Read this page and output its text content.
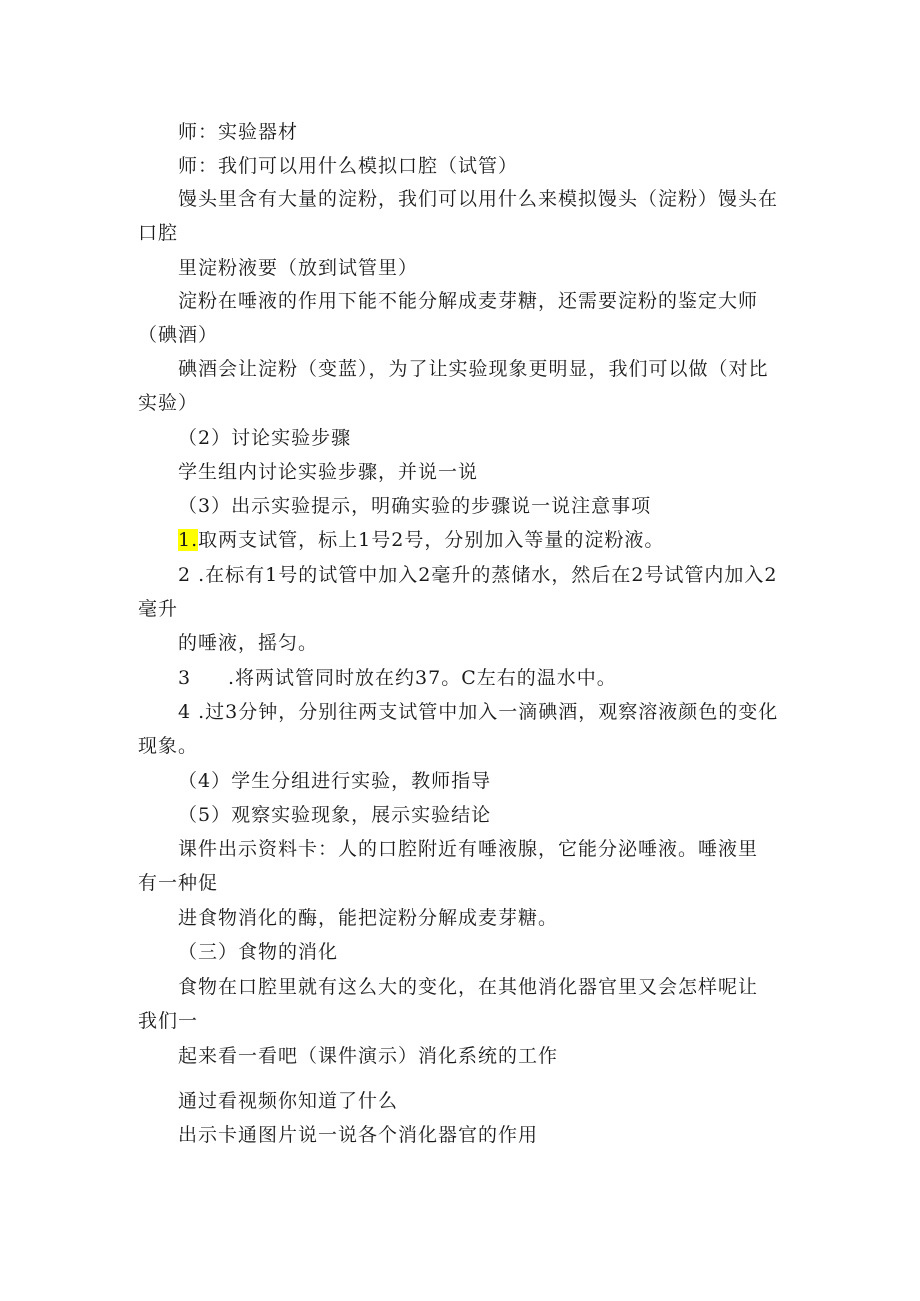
师：实验器材
师：我们可以用什么模拟口腔（试管）
馒头里含有大量的淀粉，我们可以用什么来模拟馒头（淀粉）馒头在
口腔
里淀粉液要（放到试管里）
淀粉在唾液的作用下能不能分解成麦芽糖，还需要淀粉的鉴定大师
（碘酒）
碘酒会让淀粉（变蓝），为了让实验现象更明显，我们可以做（对比
实验）
（2）讨论实验步骤
学生组内讨论实验步骤，并说一说
（3）出示实验提示，明确实验的步骤说一说注意事项
1.取两支试管，标上1号2号，分别加入等量的淀粉液。
2 .在标有1号的试管中加入2毫升的蒸储水，然后在2号试管内加入2
毫升
的唾液，摇匀。
3 .将两试管同时放在约37。C左右的温水中。
4 .过3分钟，分别往两支试管中加入一滴碘酒，观察溶液颜色的变化
现象。
（4）学生分组进行实验，教师指导
（5）观察实验现象，展示实验结论
课件出示资料卡：人的口腔附近有唾液腺，它能分泌唾液。唾液里
有一种促
进食物消化的酶，能把淀粉分解成麦芽糖。
（三）食物的消化
食物在口腔里就有这么大的变化，在其他消化器官里又会怎样呢让
我们一
起来看一看吧（课件演示）消化系统的工作
通过看视频你知道了什么
出示卡通图片说一说各个消化器官的作用
